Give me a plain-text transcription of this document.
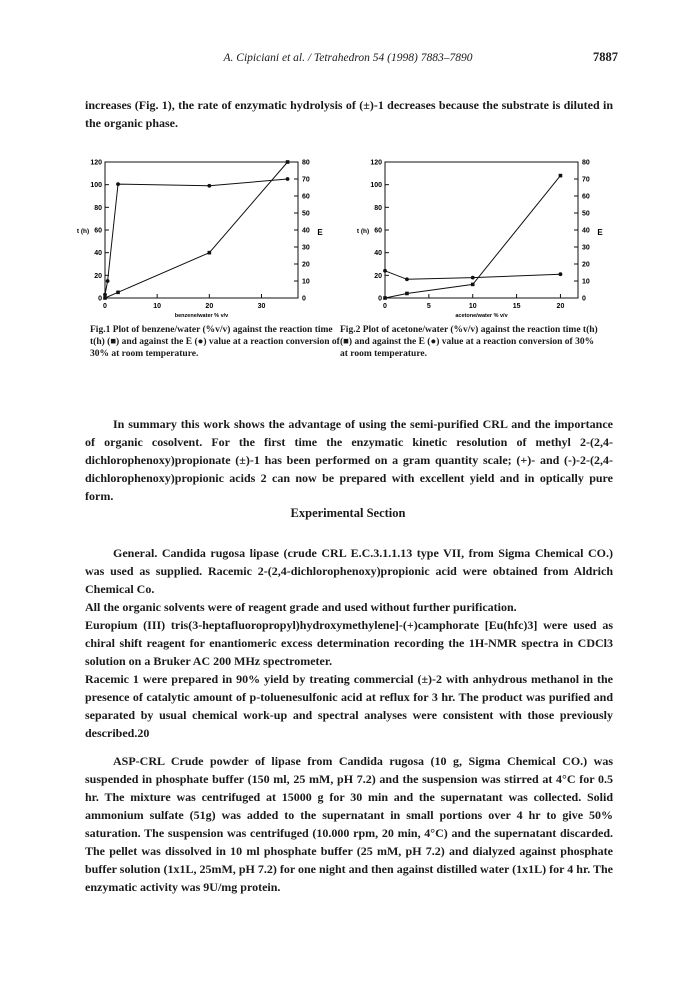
A. Cipiciani et al. / Tetrahedron 54 (1998) 7883–7890	7887
increases (Fig. 1), the rate of enzymatic hydrolysis of (±)-1 decreases because the substrate is diluted in the organic phase.
0	10	20	30
0
20
40
60
80
100
120
0
10
20
30
40
50
60
70
80
t (h)	E
benzene/water % v/v
0	5	10	15	20
0
20
40
60
80
100
120
0
10
20
30
40
50
60
70
80
t (h)	E
acetone/water % v/v
Fig.1 Plot of benzene/water (%v/v) against the reaction time t(h) (■) and against the E (●) value at a reaction conversion of 30% at room temperature.
Fig.2 Plot of acetone/water (%v/v) against the reaction time t(h) (■) and against the E (●) value at a reaction conversion of 30% at room temperature.
In summary this work shows the advantage of using the semi-purified CRL and the importance of organic cosolvent. For the first time the enzymatic kinetic resolution of methyl 2-(2,4-dichlorophenoxy)propionate (±)-1 has been performed on a gram quantity scale; (+)- and (-)-2-(2,4-dichlorophenoxy)propionic acids 2 can now be prepared with excellent yield and in optically pure form.
Experimental Section

General. Candida rugosa lipase (crude CRL E.C.3.1.1.13 type VII, from Sigma Chemical CO.) was used as supplied. Racemic 2-(2,4-dichlorophenoxy)propionic acid were obtained from Aldrich Chemical Co.

All the organic solvents were of reagent grade and used without further purification.

Europium (III) tris(3-heptafluoropropyl)hydroxymethylene]-(+)camphorate [Eu(hfc)3] were used as chiral shift reagent for enantiomeric excess determination recording the 1H-NMR spectra in CDCl3 solution on a Bruker AC 200 MHz spectrometer.

Racemic 1 were prepared in 90% yield by treating commercial (±)-2 with anhydrous methanol in the presence of catalytic amount of p-toluenesulfonic acid at reflux for 3 hr. The product was purified and separated by usual chemical work-up and spectral analyses were consistent with those previously described.20

ASP-CRL Crude powder of lipase from Candida rugosa (10 g, Sigma Chemical CO.) was suspended in phosphate buffer (150 ml, 25 mM, pH 7.2) and the suspension was stirred at 4°C for 0.5 hr. The mixture was centrifuged at 15000 g for 30 min and the supernatant was collected. Solid ammonium sulfate (51g) was added to the supernatant in small portions over 4 hr to give 50% saturation. The suspension was centrifuged (10.000 rpm, 20 min, 4°C) and the supernatant discarded. The pellet was dissolved in 10 ml phosphate buffer (25 mM, pH 7.2) and dialyzed against phosphate buffer solution (1x1L, 25mM, pH 7.2) for one night and then against distilled water (1x1L) for 4 hr. The enzymatic activity was 9U/mg protein.
